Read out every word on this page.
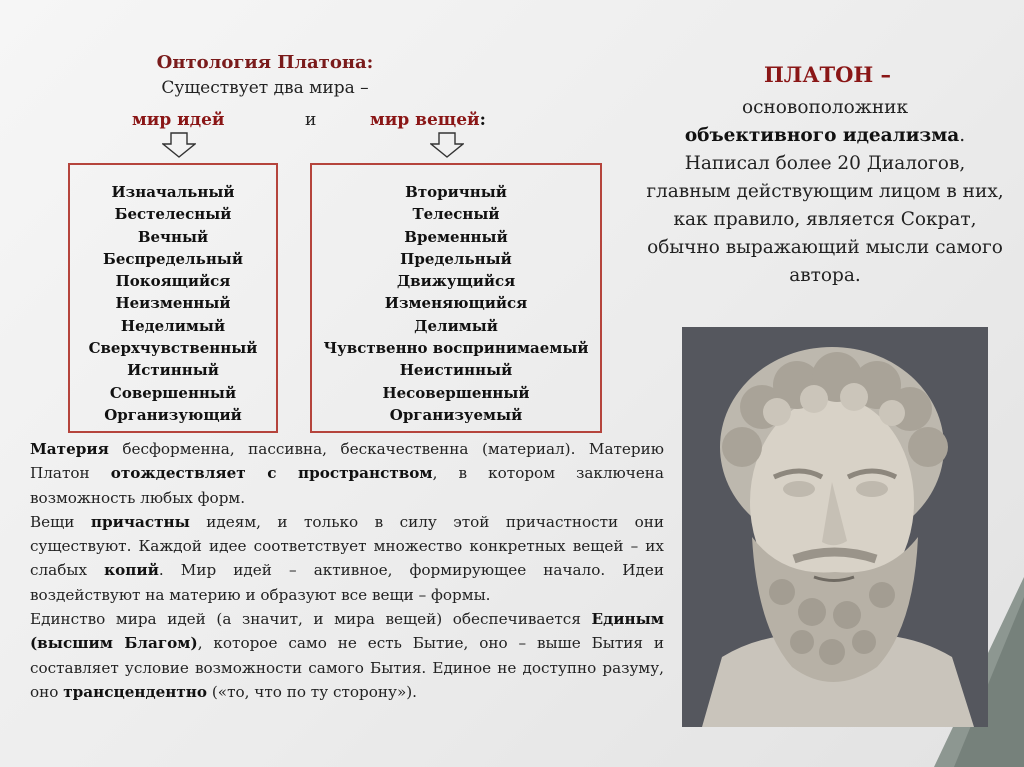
Онтология Платона:
Существует два мира –
мир идей	и	мир вещей:
Изначальный
Бестелесный
Вечный
Беспредельный
Покоящийся
Неизменный
Неделимый
Сверхчувственный
Истинный
Совершенный
Организующий
Вторичный
Телесный
Временный
Предельный
Движущийся
Изменяющийся
Делимый
Чувственно воспринимаемый
Неистинный
Несовершенный
Организуемый
ПЛАТОН –
основоположник
объективного идеализма.
Написал более 20 Диалогов, главным действующим лицом в них, как правило, является Сократ, обычно выражающий мысли самого автора.

Материя бесформенна, пассивна, бескачественна (материал). Материю Платон отождествляет с пространством, в котором заключена возможность любых форм.

Вещи причастны идеям, и только в силу этой причастности они существуют. Каждой идее соответствует множество конкретных вещей – их слабых копий. Мир идей – активное, формирующее начало. Идеи воздействуют на материю и образуют все вещи – формы.

Единство мира идей (а значит, и мира вещей) обеспечивается Единым (высшим Благом), которое само не есть Бытие, оно – выше Бытия и составляет условие возможности самого Бытия. Единое не доступно разуму, оно трансцендентно («то, что по ту сторону»).
